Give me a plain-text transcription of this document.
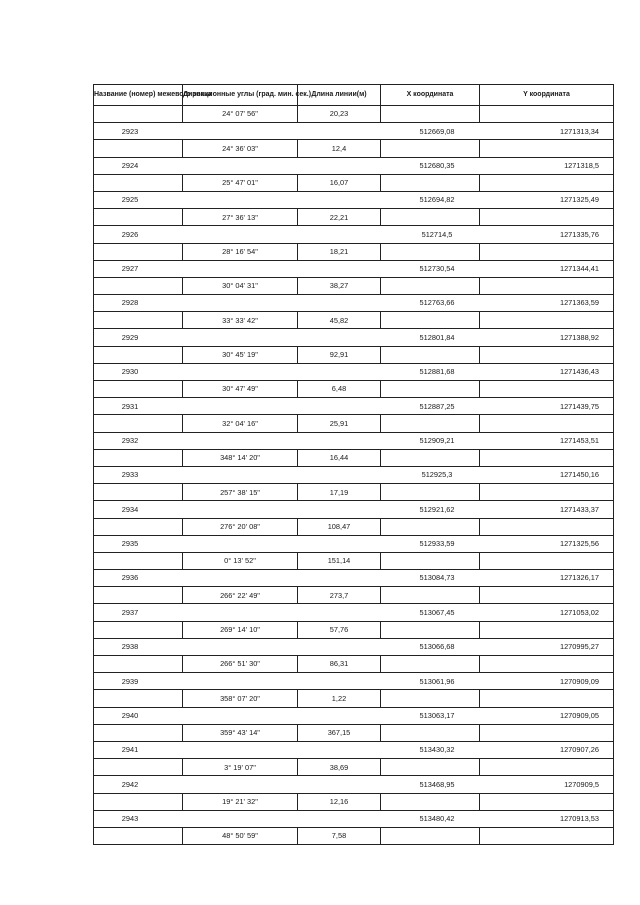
Название (номер) межевого знака	Дирекционные углы (град. мин. сек.)	Длина линии(м)	X координата	Y координата
	24° 07' 56"	20,23		
2923			512669,08	1271313,34
	24° 36' 03"	12,4		
2924			512680,35	1271318,5
	25° 47' 01"	16,07		
2925			512694,82	1271325,49
	27° 36' 13"	22,21		
2926			512714,5	1271335,76
	28° 16' 54"	18,21		
2927			512730,54	1271344,41
	30° 04' 31"	38,27		
2928			512763,66	1271363,59
	33° 33' 42"	45,82		
2929			512801,84	1271388,92
	30° 45' 19"	92,91		
2930			512881,68	1271436,43
	30° 47' 49"	6,48		
2931			512887,25	1271439,75
	32° 04' 16"	25,91		
2932			512909,21	1271453,51
	348° 14' 20"	16,44		
2933			512925,3	1271450,16
	257° 38' 15"	17,19		
2934			512921,62	1271433,37
	276° 20' 08"	108,47		
2935			512933,59	1271325,56
	0° 13' 52"	151,14		
2936			513084,73	1271326,17
	266° 22' 49"	273,7		
2937			513067,45	1271053,02
	269° 14' 10"	57,76		
2938			513066,68	1270995,27
	266° 51' 30"	86,31		
2939			513061,96	1270909,09
	358° 07' 20"	1,22		
2940			513063,17	1270909,05
	359° 43' 14"	367,15		
2941			513430,32	1270907,26
	3° 19' 07"	38,69		
2942			513468,95	1270909,5
	19° 21' 32"	12,16		
2943			513480,42	1270913,53
	48° 50' 59"	7,58		
